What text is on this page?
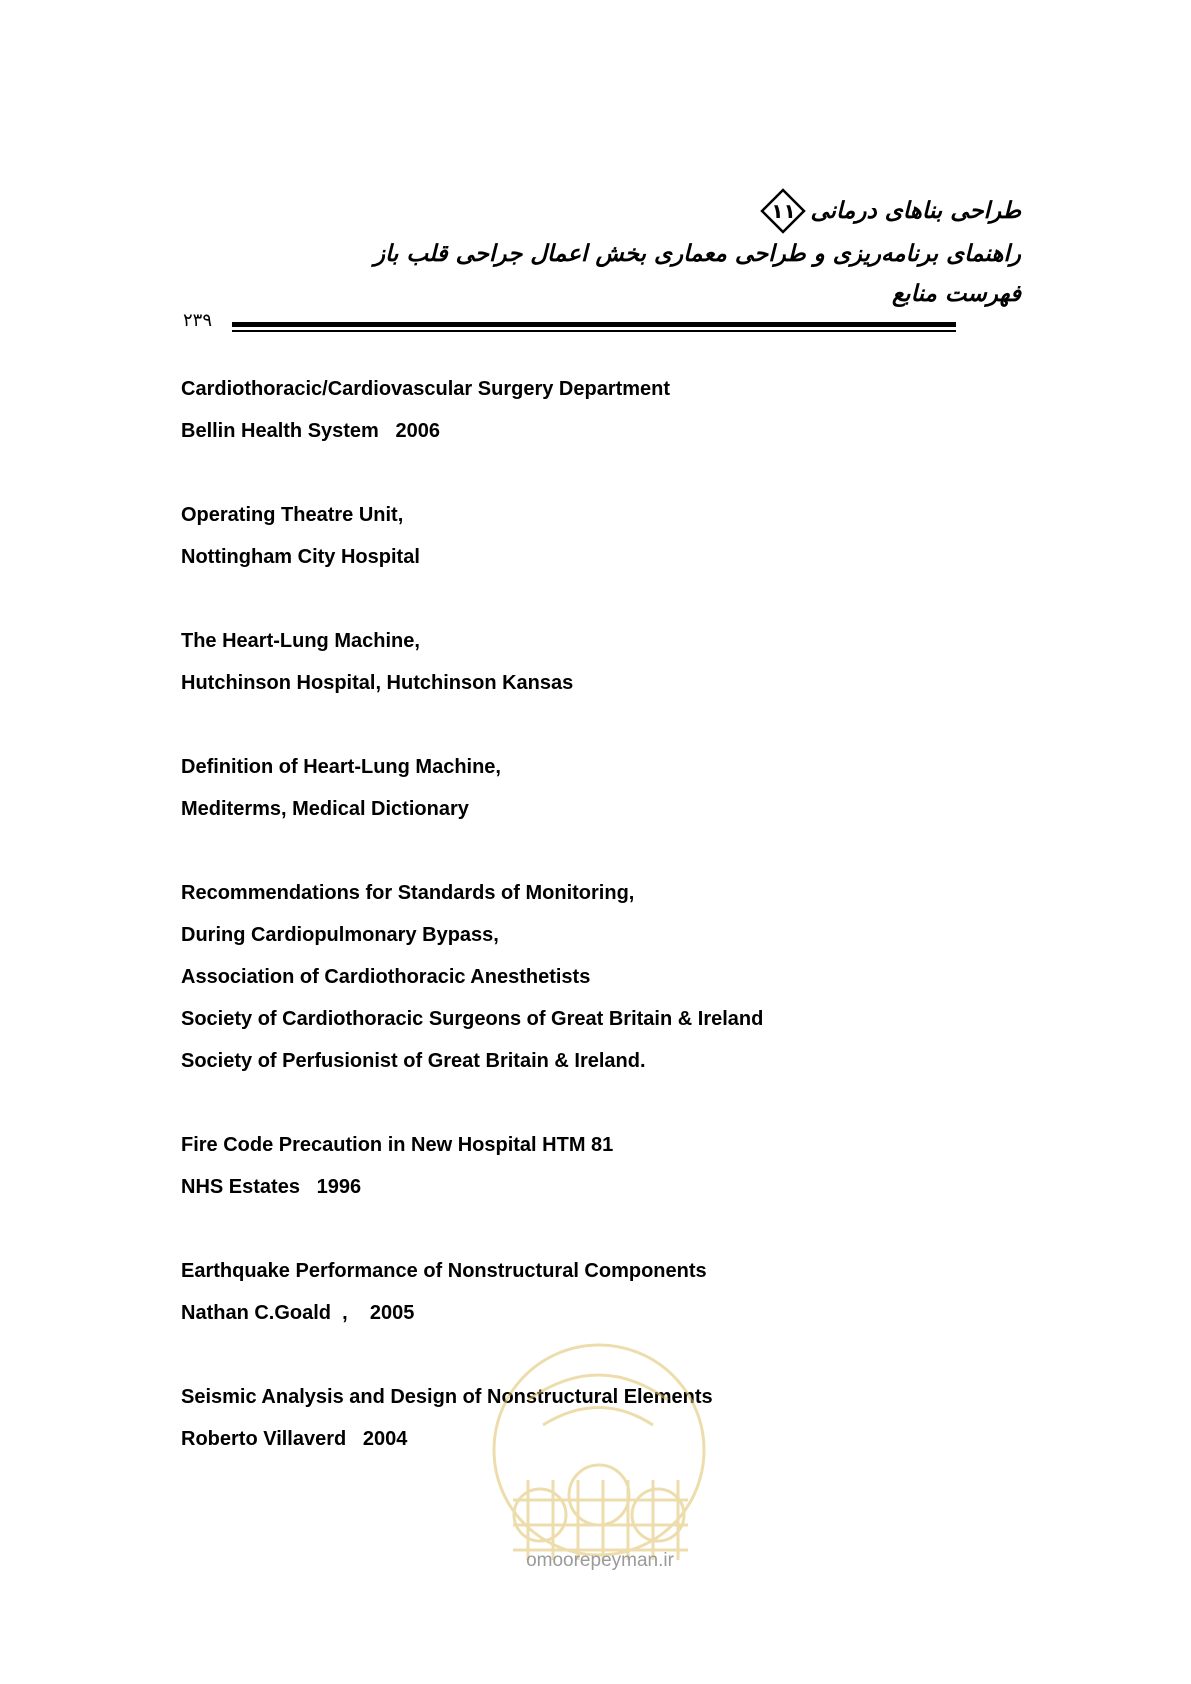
طراحی بناهای درمانی
۱۱
راهنمای برنامه‌ریزی و طراحی معماری بخش اعمال جراحی قلب باز
فهرست منابع
۲۳۹
Cardiothoracic/Cardiovascular Surgery Department
Bellin Health System   2006
Operating Theatre Unit,
Nottingham City Hospital
The Heart-Lung Machine,
Hutchinson Hospital, Hutchinson Kansas
Definition of Heart-Lung Machine,
Mediterms, Medical Dictionary
Recommendations for Standards of Monitoring,
During Cardiopulmonary Bypass,
Association of Cardiothoracic Anesthetists
Society of Cardiothoracic Surgeons of Great Britain & Ireland
Society of Perfusionist of Great Britain & Ireland.
Fire Code Precaution in New Hospital HTM 81
NHS Estates   1996
Earthquake Performance of Nonstructural Components
Nathan C.Goald  ,    2005
Seismic Analysis and Design of Nonstructural Elements
Roberto Villaverd   2004
omoorepeyman.ir
